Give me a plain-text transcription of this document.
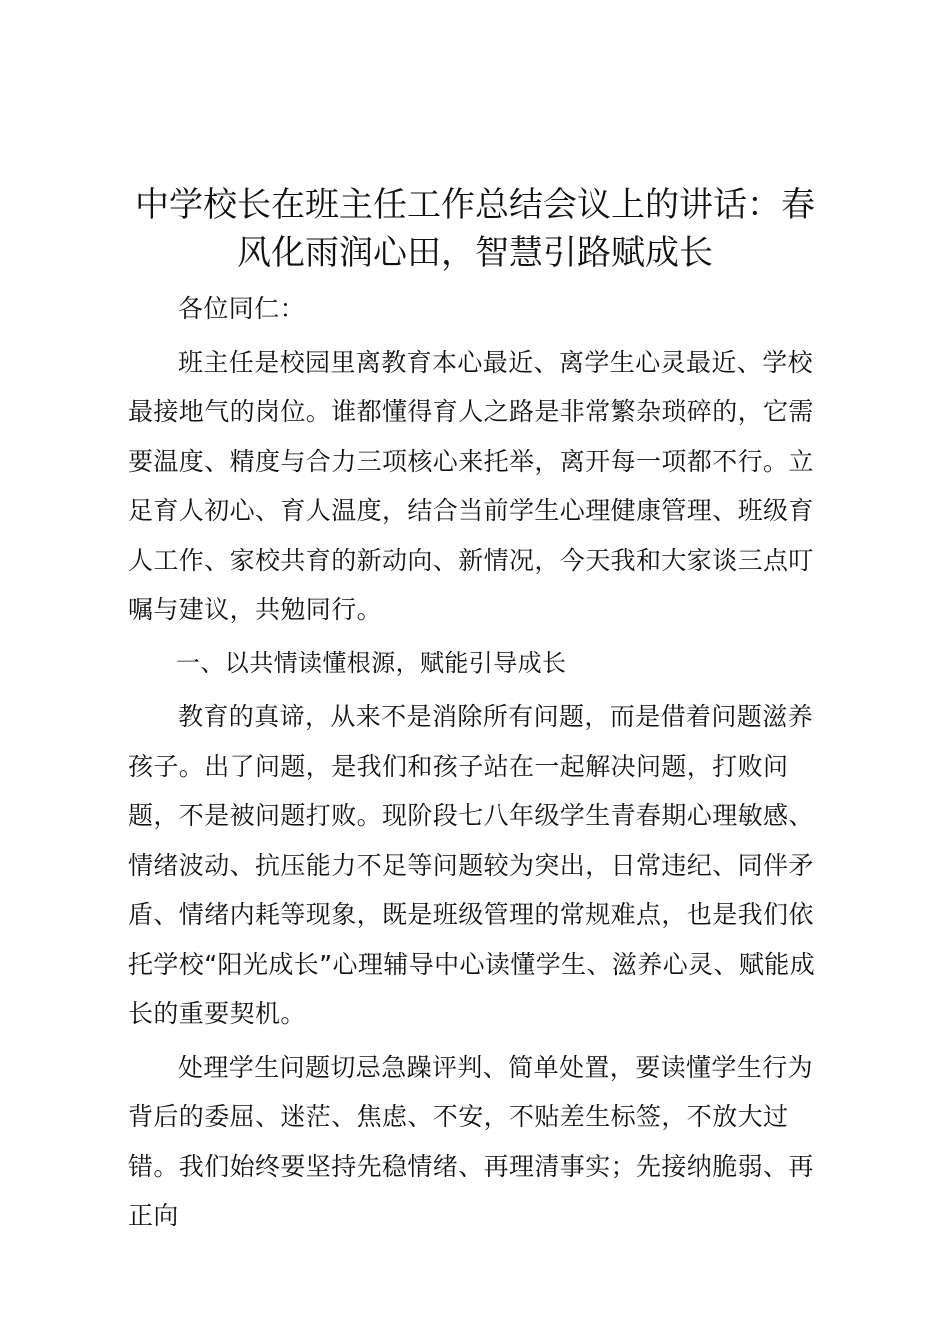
中学校长在班主任工作总结会议上的讲话：春
风化雨润心田，智慧引路赋成长

各位同仁：

班主任是校园里离教育本心最近、离学生心灵最近、学校最接地气的岗位。谁都懂得育人之路是非常繁杂琐碎的，它需要温度、精度与合力三项核心来托举，离开每一项都不行。立足育人初心、育人温度，结合当前学生心理健康管理、班级育人工作、家校共育的新动向、新情况，今天我和大家谈三点叮嘱与建议，共勉同行。

一、以共情读懂根源，赋能引导成长

教育的真谛，从来不是消除所有问题，而是借着问题滋养孩子。出了问题，是我们和孩子站在一起解决问题，打败问题，不是被问题打败。现阶段七八年级学生青春期心理敏感、情绪波动、抗压能力不足等问题较为突出，日常违纪、同伴矛盾、情绪内耗等现象，既是班级管理的常规难点，也是我们依托学校“阳光成长”心理辅导中心读懂学生、滋养心灵、赋能成长的重要契机。

处理学生问题切忌急躁评判、简单处置，要读懂学生行为背后的委屈、迷茫、焦虑、不安，不贴差生标签，不放大过错。我们始终要坚持先稳情绪、再理清事实；先接纳脆弱、再正向
